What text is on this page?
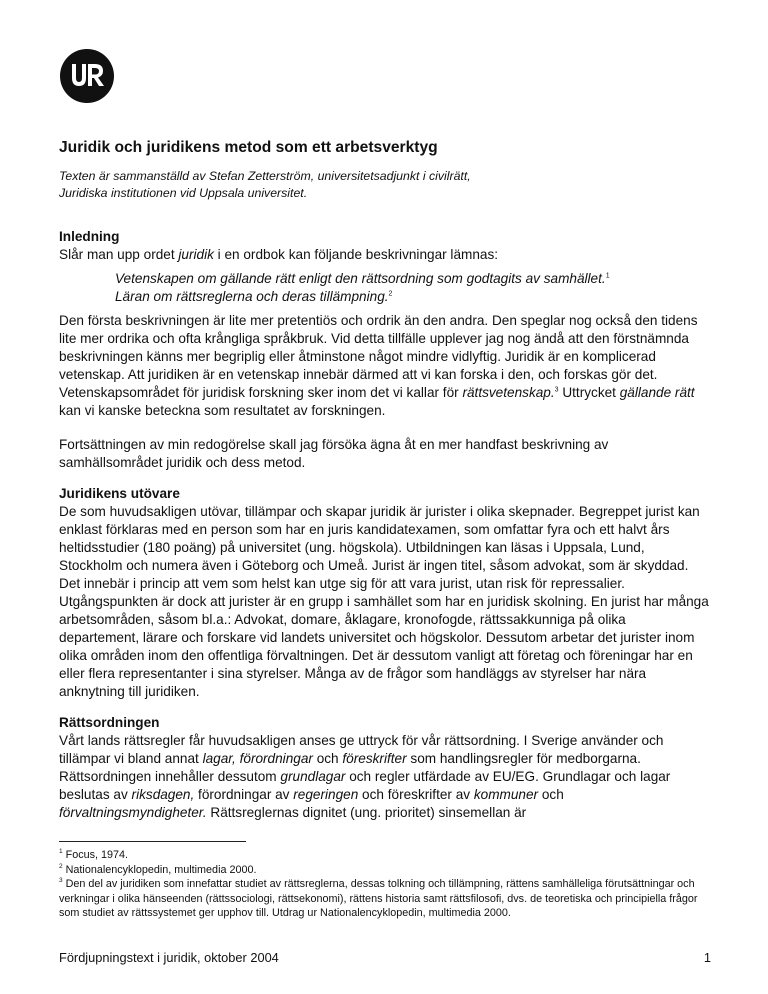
Juridik och juridikens metod som ett arbetsverktyg
Texten är sammanställd av Stefan Zetterström, universitetsadjunkt i civilrätt,
Juridiska institutionen vid Uppsala universitet.
Inledning

Slår man upp ordet juridik i en ordbok kan följande beskrivningar lämnas:

Vetenskapen om gällande rätt enligt den rättsordning som godtagits av samhället.$^1$
Läran om rättsreglerna och deras tillämpning.$^2$

Den första beskrivningen är lite mer pretentiös och ordrik än den andra. Den speglar nog också den tidens lite mer ordrika och ofta krångliga språkbruk. Vid detta tillfälle upplever jag nog ändå att den förstnämnda beskrivningen känns mer begriplig eller åtminstone något mindre vidlyftig. Juridik är en komplicerad vetenskap. Att juridiken är en vetenskap innebär därmed att vi kan forska i den, och forskas gör det. Vetenskapsområdet för juridisk forskning sker inom det vi kallar för rättsvetenskap.$^3$ Uttrycket gällande rätt kan vi kanske beteckna som resultatet av forskningen.

Fortsättningen av min redogörelse skall jag försöka ägna åt en mer handfast beskrivning av samhällsområdet juridik och dess metod.

Juridikens utövare

De som huvudsakligen utövar, tillämpar och skapar juridik är jurister i olika skepnader. Begreppet jurist kan enklast förklaras med en person som har en juris kandidatexamen, som omfattar fyra och ett halvt års heltidsstudier (180 poäng) på universitet (ung. högskola). Utbildningen kan läsas i Uppsala, Lund, Stockholm och numera även i Göteborg och Umeå. Jurist är ingen titel, såsom advokat, som är skyddad. Det innebär i princip att vem som helst kan utge sig för att vara jurist, utan risk för repressalier. Utgångspunkten är dock att jurister är en grupp i samhället som har en juridisk skolning. En jurist har många arbetsområden, såsom bl.a.: Advokat, domare, åklagare, kronofogde, rättssakkunniga på olika departement, lärare och forskare vid landets universitet och högskolor. Dessutom arbetar det jurister inom olika områden inom den offentliga förvaltningen. Det är dessutom vanligt att företag och föreningar har en eller flera representanter i sina styrelser. Många av de frågor som handläggs av styrelser har nära anknytning till juridiken.

Rättsordningen

Vårt lands rättsregler får huvudsakligen anses ge uttryck för vår rättsordning. I Sverige använder och tillämpar vi bland annat lagar, förordningar och föreskrifter som handlingsregler för medborgarna. Rättsordningen innehåller dessutom grundlagar och regler utfärdade av EU/EG. Grundlagar och lagar beslutas av riksdagen, förordningar av regeringen och föreskrifter av kommuner och förvaltningsmyndigheter. Rättsreglernas dignitet (ung. prioritet) sinsemellan är

$^1$ Focus, 1974.
$^2$ Nationalencyklopedin, multimedia 2000.
$^3$ Den del av juridiken som innefattar studiet av rättsreglerna, dessas tolkning och tillämpning, rättens samhälleliga förutsättningar och verkningar i olika hänseenden (rättssociologi, rättsekonomi), rättens historia samt rättsfilosofi, dvs. de teoretiska och principiella frågor som studiet av rättssystemet ger upphov till. Utdrag ur Nationalencyklopedin, multimedia 2000.
Fördjupningstext i juridik, oktober 2004	1
